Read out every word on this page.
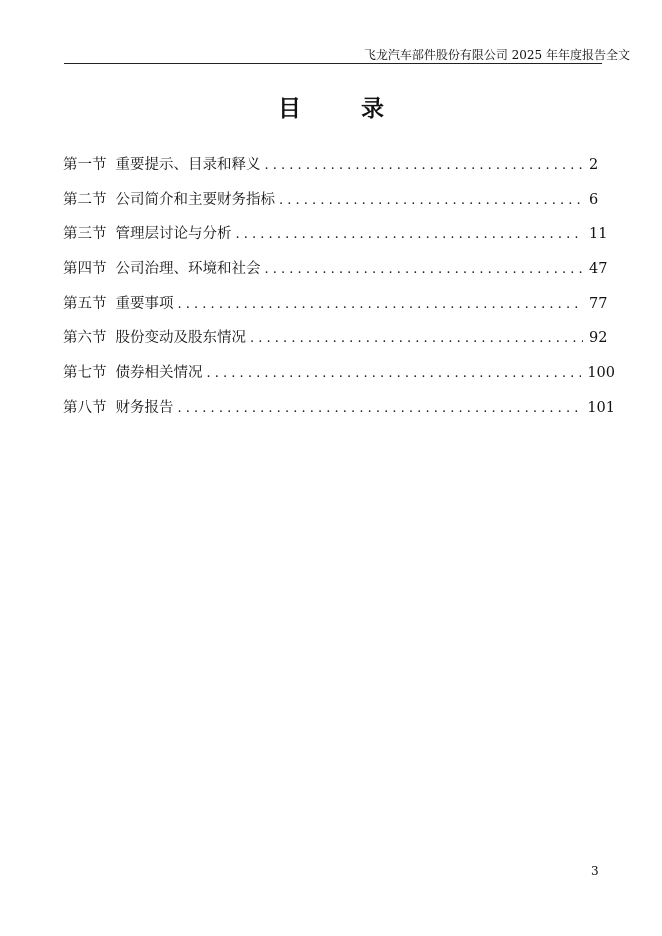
飞龙汽车部件股份有限公司 2025 年年度报告全文
目 录
第一节 重要提示、目录和释义 . . .	2
第二节 公司简介和主要财务指标 . . .	6
第三节 管理层讨论与分析 . . .	11
第四节 公司治理、环境和社会 . . .	47
第五节 重要事项 . . .	77
第六节 股份变动及股东情况 . . .	92
第七节 债券相关情况 . . .	100
第八节 财务报告 . . .	101
3
